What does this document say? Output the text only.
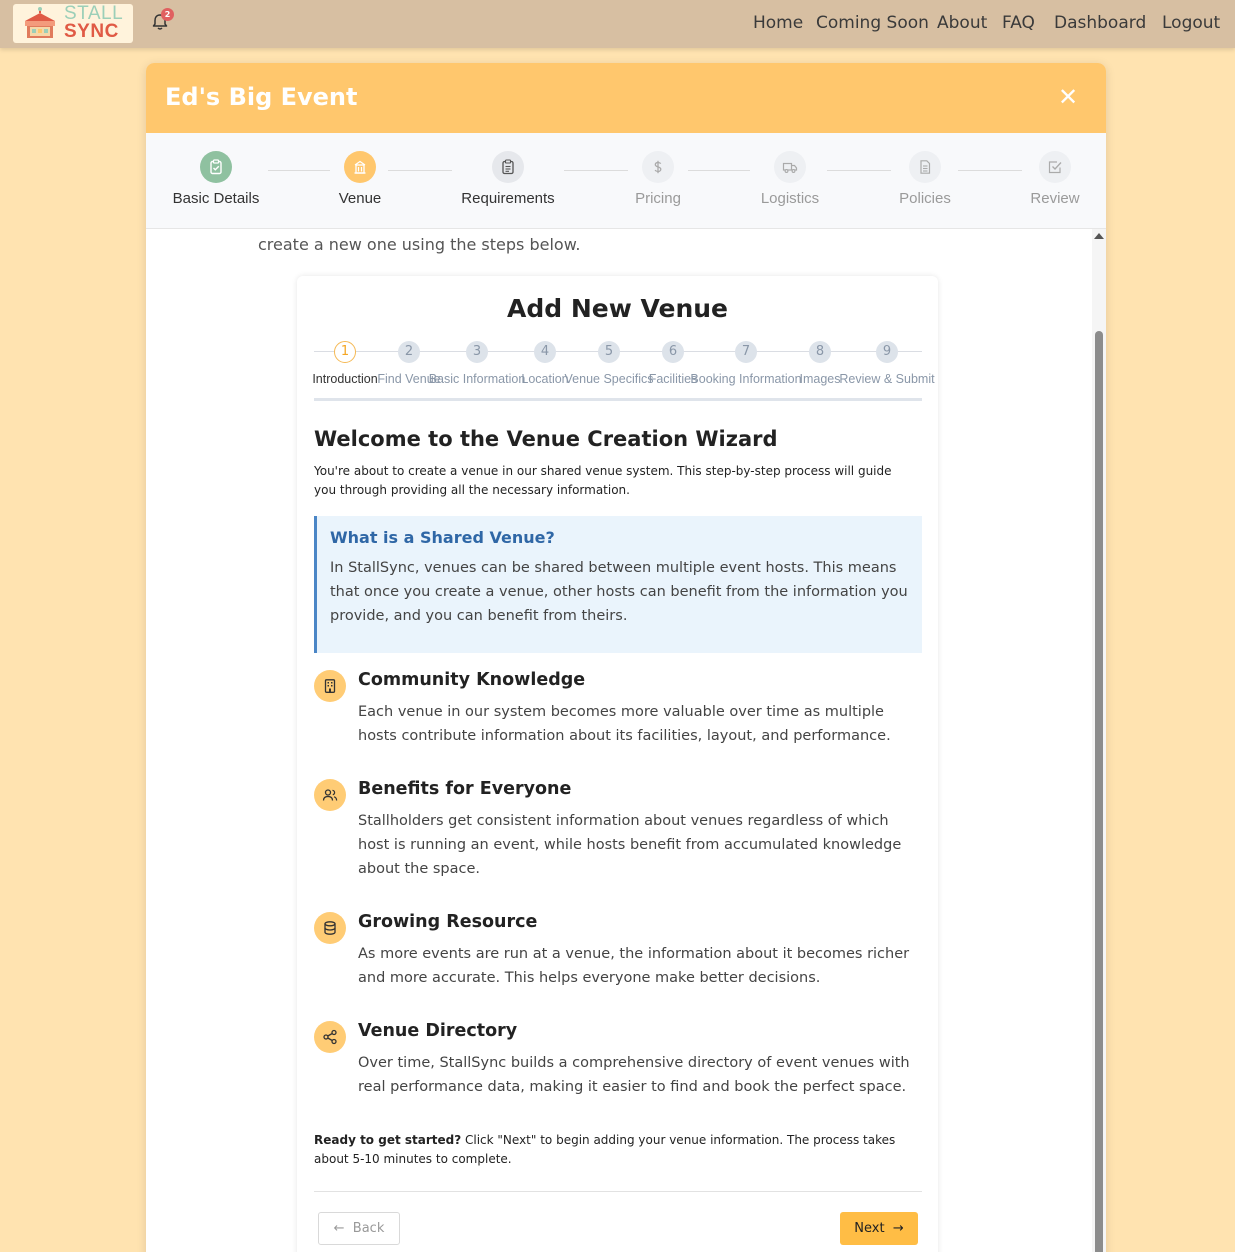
STALL
SYNC
2	Home Coming Soon About FAQ Dashboard Logout
Ed's Big Event	✕
Basic Details	Venue	Requirements	Pricing	Logistics	Policies	Review
create a new one using the steps below.
Add New Venue
1
Introduction
2
Find Venue
3
Basic Information
4
Location
5
Venue Specifics
6
Facilities
7
Booking Information
8
Images
9
Review & Submit
Welcome to the Venue Creation Wizard
You're about to create a venue in our shared venue system. This step-by-step process will guide you through providing all the necessary information.
What is a Shared Venue?
In StallSync, venues can be shared between multiple event hosts. This means that once you create a venue, other hosts can benefit from the information you provide, and you can benefit from theirs.
Community Knowledge
Each venue in our system becomes more valuable over time as multiple hosts contribute information about its facilities, layout, and performance.
Benefits for Everyone
Stallholders get consistent information about venues regardless of which host is running an event, while hosts benefit from accumulated knowledge about the space.
Growing Resource
As more events are run at a venue, the information about it becomes richer and more accurate. This helps everyone make better decisions.
Venue Directory
Over time, StallSync builds a comprehensive directory of event venues with real performance data, making it easier to find and book the perfect space.
Ready to get started? Click "Next" to begin adding your venue information. The process takes about 5-10 minutes to complete.
← Back	Next →
